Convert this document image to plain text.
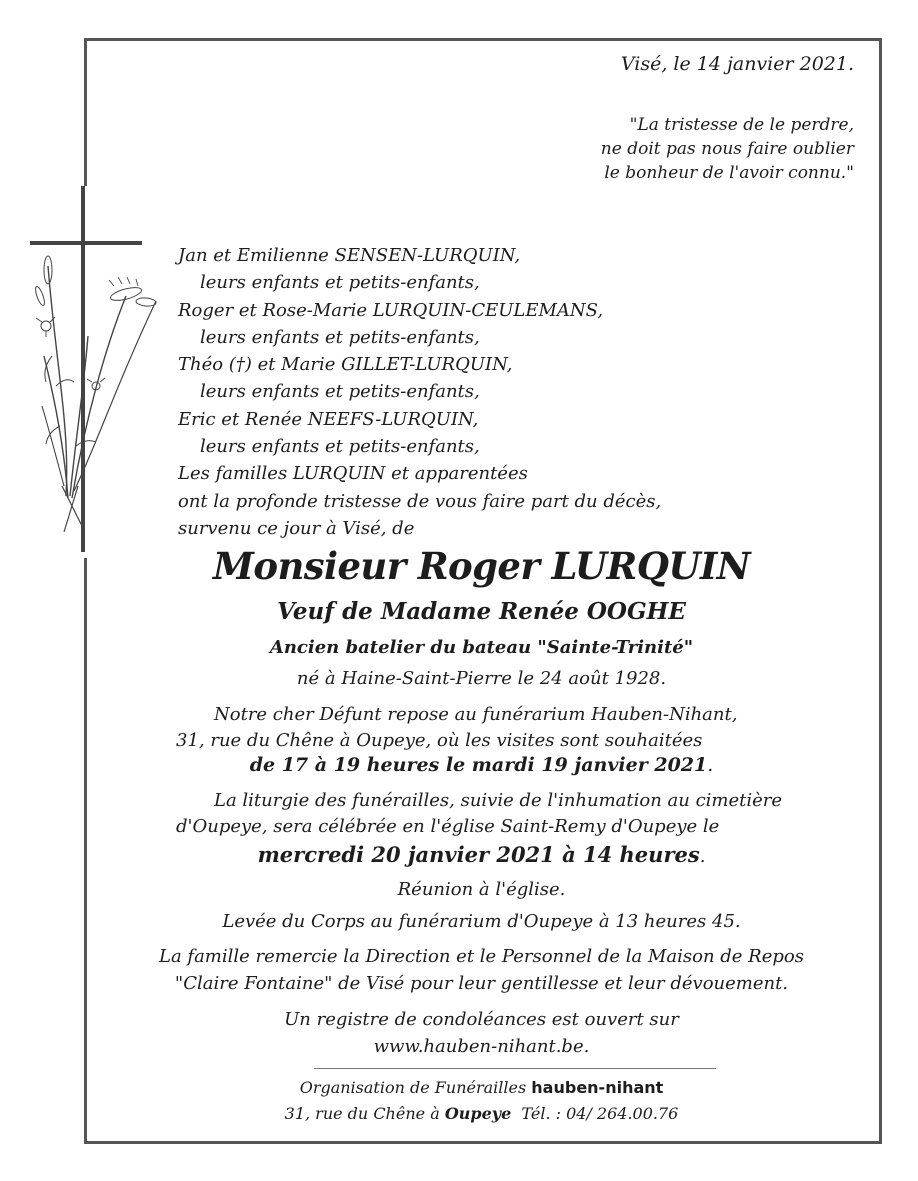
Visé, le 14 janvier 2021.
"La tristesse de le perdre,
ne doit pas nous faire oublier
le bonheur de l'avoir connu."
Jan et Emilienne SENSEN-LURQUIN,
leurs enfants et petits-enfants,
Roger et Rose-Marie LURQUIN-CEULEMANS,
leurs enfants et petits-enfants,
Théo (†) et Marie GILLET-LURQUIN,
leurs enfants et petits-enfants,
Eric et Renée NEEFS-LURQUIN,
leurs enfants et petits-enfants,
Les familles LURQUIN et apparentées
ont la profonde tristesse de vous faire part du décès,
survenu ce jour à Visé, de
Monsieur Roger LURQUIN
Veuf de Madame Renée OOGHE
Ancien batelier du bateau "Sainte-Trinité"
né à Haine-Saint-Pierre le 24 août 1928.
Notre cher Défunt repose au funérarium Hauben-Nihant,
31, rue du Chêne à Oupeye, où les visites sont souhaitées
de 17 à 19 heures le mardi 19 janvier 2021.
La liturgie des funérailles, suivie de l'inhumation au cimetière
d'Oupeye, sera célébrée en l'église Saint-Remy d'Oupeye le
mercredi 20 janvier 2021 à 14 heures.
Réunion à l'église.
Levée du Corps au funérarium d'Oupeye à 13 heures 45.
La famille remercie la Direction et le Personnel de la Maison de Repos
"Claire Fontaine" de Visé pour leur gentillesse et leur dévouement.
Un registre de condoléances est ouvert sur
www.hauben-nihant.be.
Organisation de Funérailles hauben-nihant
31, rue du Chêne à Oupeye Tél. : 04/ 264.00.76
